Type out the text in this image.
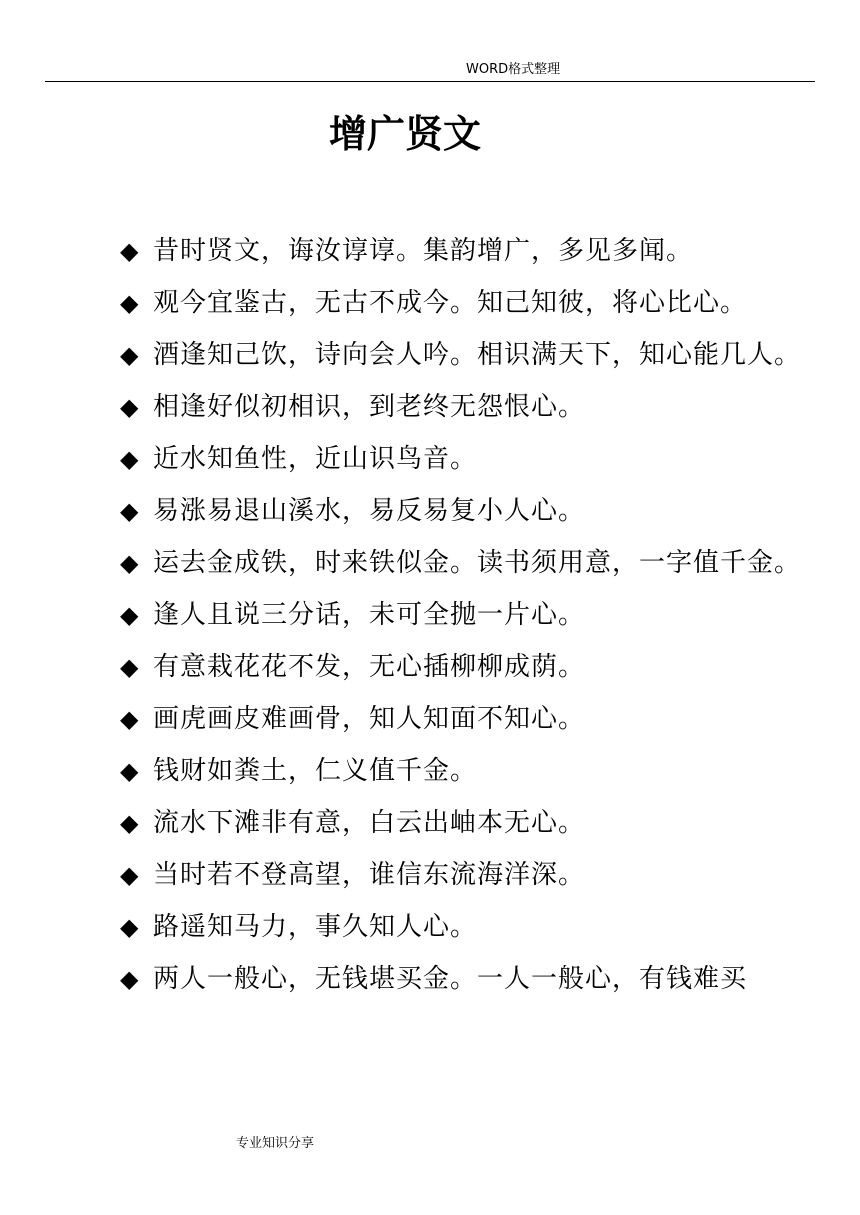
WORD格式整理
增广贤文
◆ 昔时贤文，诲汝谆谆。集韵增广，多见多闻。
◆ 观今宜鉴古，无古不成今。知己知彼，将心比心。
◆ 酒逢知己饮，诗向会人吟。相识满天下，知心能几人。
◆ 相逢好似初相识，到老终无怨恨心。
◆ 近水知鱼性，近山识鸟音。
◆ 易涨易退山溪水，易反易复小人心。
◆ 运去金成铁，时来铁似金。读书须用意，一字值千金。
◆ 逢人且说三分话，未可全抛一片心。
◆ 有意栽花花不发，无心插柳柳成荫。
◆ 画虎画皮难画骨，知人知面不知心。
◆ 钱财如粪土，仁义值千金。
◆ 流水下滩非有意，白云出岫本无心。
◆ 当时若不登高望，谁信东流海洋深。
◆ 路遥知马力，事久知人心。
◆ 两人一般心，无钱堪买金。一人一般心，有钱难买
专业知识分享
